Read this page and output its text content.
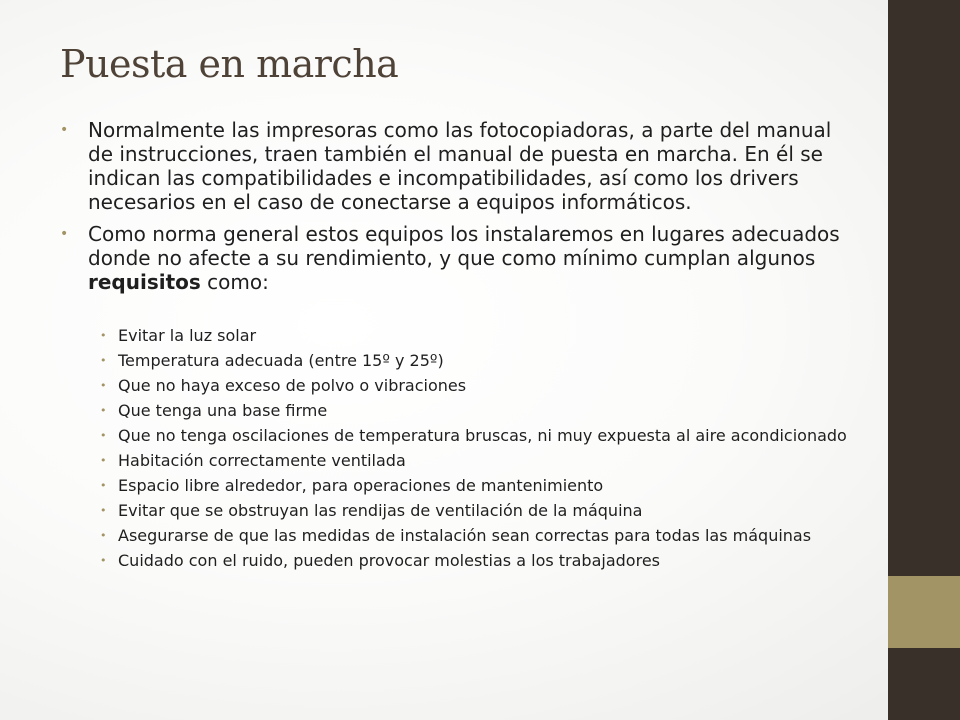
Puesta en marcha
• Normalmente las impresoras como las fotocopiadoras, a parte del manual de instrucciones, traen también el manual de puesta en marcha. En él se indican las compatibilidades e incompatibilidades, así como los drivers necesarios en el caso de conectarse a equipos informáticos.
• Como norma general estos equipos los instalaremos en lugares adecuados donde no afecte a su rendimiento, y que como mínimo cumplan algunos requisitos como:
• Evitar la luz solar
• Temperatura adecuada (entre 15º y 25º)
• Que no haya exceso de polvo o vibraciones
• Que tenga una base firme
• Que no tenga oscilaciones de temperatura bruscas, ni muy expuesta al aire acondicionado
• Habitación correctamente ventilada
• Espacio libre alrededor, para operaciones de mantenimiento
• Evitar que se obstruyan las rendijas de ventilación de la máquina
• Asegurarse de que las medidas de instalación sean correctas para todas las máquinas
• Cuidado con el ruido, pueden provocar molestias a los trabajadores
